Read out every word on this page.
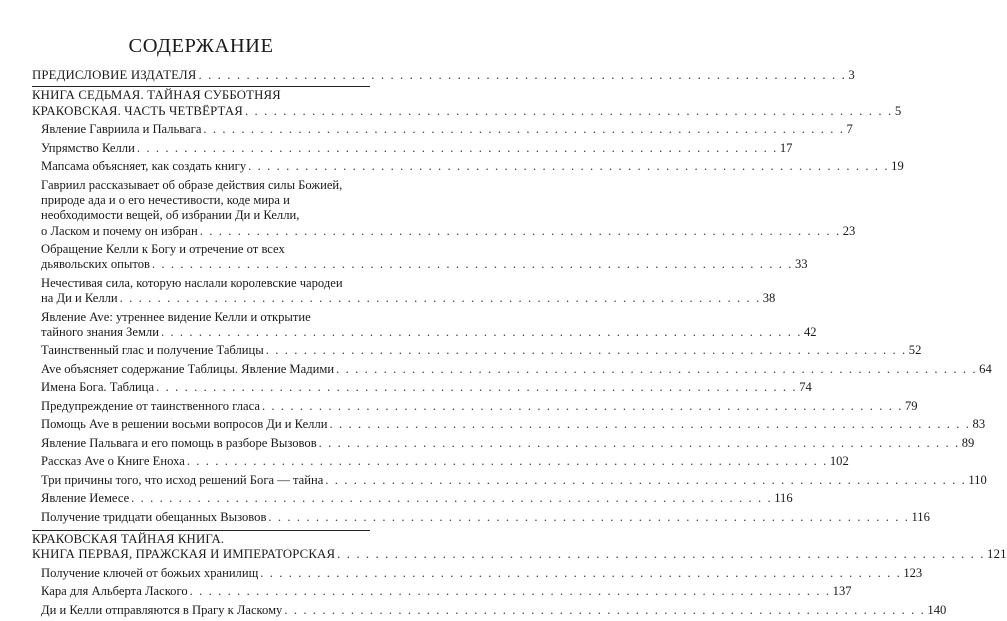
СОДЕРЖАНИЕ
ПРЕДИСЛОВИЕ ИЗДАТЕЛЯ . . .	3
КНИГА СЕДЬМАЯ. ТАЙНАЯ СУББОТНЯЯ
КРАКОВСКАЯ. ЧАСТЬ ЧЕТВЁРТАЯ . . .	5
Явление Гавриила и Пальвага . . .	7
Упрямство Келли . . .	17
Мапсама объясняет, как создать книгу . . .	19
Гавриил рассказывает об образе действия силы Божией,
природе ада и о его нечестивости, коде мира и
необходимости вещей, об избрании Ди и Келли,
о Ласком и почему он избран . . .	23
Обращение Келли к Богу и отречение от всех
дьявольских опытов . . .	33
Нечестивая сила, которую наслали королевские чародеи
на Ди и Келли . . .	38
Явление Ave: утреннее видение Келли и открытие
тайного знания Земли . . .	42
Таинственный глас и получение Таблицы . . .	52
Ave объясняет содержание Таблицы. Явление Мадими . . .	64
Имена Бога. Таблица . . .	74
Предупреждение от таинственного гласа . . .	79
Помощь Ave в решении восьми вопросов Ди и Келли . . .	83
Явление Пальвага и его помощь в разборе Вызовов . . .	89
Рассказ Ave о Книге Еноха . . .	102
Три причины того, что исход решений Бога — тайна . . .	110
Явление Иемесе . . .	116
Получение тридцати обещанных Вызовов . . .	116
КРАКОВСКАЯ ТАЙНАЯ КНИГА.
КНИГА ПЕРВАЯ, ПРАЖСКАЯ И ИМПЕРАТОРСКАЯ . . .	121
Получение ключей от божьих хранилищ . . .	123
Кара для Альберта Лаского . . .	137
Ди и Келли отправляются в Прагу к Ласкому . . .	140
